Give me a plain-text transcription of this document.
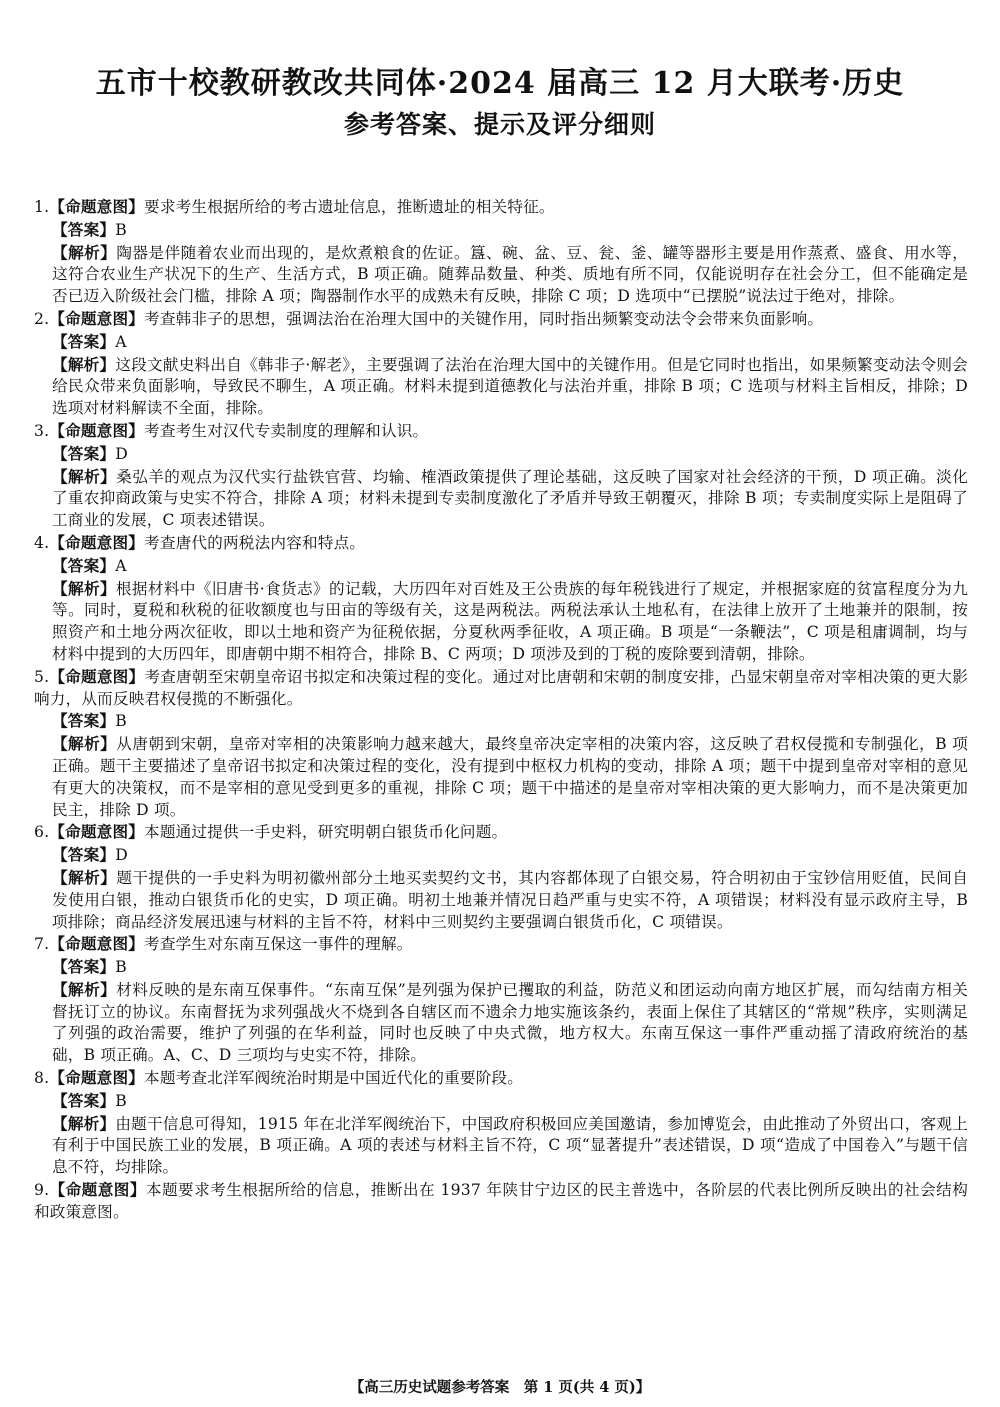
五市十校教研教改共同体·2024 届高三 12 月大联考·历史
参考答案、提示及评分细则

1.【命题意图】要求考生根据所给的考古遗址信息，推断遗址的相关特征。

【答案】B

【解析】陶器是伴随着农业而出现的，是炊煮粮食的佐证。簋、碗、盆、豆、瓮、釜、罐等器形主要是用作蒸煮、盛食、用水等，这符合农业生产状况下的生产、生活方式，B 项正确。随葬品数量、种类、质地有所不同，仅能说明存在社会分工，但不能确定是否已迈入阶级社会门槛，排除 A 项；陶器制作水平的成熟未有反映，排除 C 项；D 选项中“已摆脱”说法过于绝对，排除。

2.【命题意图】考查韩非子的思想，强调法治在治理大国中的关键作用，同时指出频繁变动法令会带来负面影响。

【答案】A

【解析】这段文献史料出自《韩非子·解老》，主要强调了法治在治理大国中的关键作用。但是它同时也指出，如果频繁变动法令则会给民众带来负面影响，导致民不聊生，A 项正确。材料未提到道德教化与法治并重，排除 B 项；C 选项与材料主旨相反，排除；D 选项对材料解读不全面，排除。

3.【命题意图】考查考生对汉代专卖制度的理解和认识。

【答案】D

【解析】桑弘羊的观点为汉代实行盐铁官营、均输、榷酒政策提供了理论基础，这反映了国家对社会经济的干预，D 项正确。淡化了重农抑商政策与史实不符合，排除 A 项；材料未提到专卖制度激化了矛盾并导致王朝覆灭，排除 B 项；专卖制度实际上是阻碍了工商业的发展，C 项表述错误。

4.【命题意图】考查唐代的两税法内容和特点。

【答案】A

【解析】根据材料中《旧唐书·食货志》的记载，大历四年对百姓及王公贵族的每年税钱进行了规定，并根据家庭的贫富程度分为九等。同时，夏税和秋税的征收额度也与田亩的等级有关，这是两税法。两税法承认土地私有，在法律上放开了土地兼并的限制，按照资产和土地分两次征收，即以土地和资产为征税依据，分夏秋两季征收，A 项正确。B 项是“一条鞭法”，C 项是租庸调制，均与材料中提到的大历四年，即唐朝中期不相符合，排除 B、C 两项；D 项涉及到的丁税的废除要到清朝，排除。

5.【命题意图】考查唐朝至宋朝皇帝诏书拟定和决策过程的变化。通过对比唐朝和宋朝的制度安排，凸显宋朝皇帝对宰相决策的更大影响力，从而反映君权侵揽的不断强化。

【答案】B

【解析】从唐朝到宋朝，皇帝对宰相的决策影响力越来越大，最终皇帝决定宰相的决策内容，这反映了君权侵揽和专制强化，B 项正确。题干主要描述了皇帝诏书拟定和决策过程的变化，没有提到中枢权力机构的变动，排除 A 项；题干中提到皇帝对宰相的意见有更大的决策权，而不是宰相的意见受到更多的重视，排除 C 项；题干中描述的是皇帝对宰相决策的更大影响力，而不是决策更加民主，排除 D 项。

6.【命题意图】本题通过提供一手史料，研究明朝白银货币化问题。

【答案】D

【解析】题干提供的一手史料为明初徽州部分土地买卖契约文书，其内容都体现了白银交易，符合明初由于宝钞信用贬值，民间自发使用白银，推动白银货币化的史实，D 项正确。明初土地兼并情况日趋严重与史实不符，A 项错误；材料没有显示政府主导，B 项排除；商品经济发展迅速与材料的主旨不符，材料中三则契约主要强调白银货币化，C 项错误。

7.【命题意图】考查学生对东南互保这一事件的理解。

【答案】B

【解析】材料反映的是东南互保事件。“东南互保”是列强为保护已攫取的利益，防范义和团运动向南方地区扩展，而勾结南方相关督抚订立的协议。东南督抚为求列强战火不烧到各自辖区而不遗余力地实施该条约，表面上保住了其辖区的“常规”秩序，实则满足了列强的政治需要，维护了列强的在华利益，同时也反映了中央式微，地方权大。东南互保这一事件严重动摇了清政府统治的基础，B 项正确。A、C、D 三项均与史实不符，排除。

8.【命题意图】本题考查北洋军阀统治时期是中国近代化的重要阶段。

【答案】B

【解析】由题干信息可得知，1915 年在北洋军阀统治下，中国政府积极回应美国邀请，参加博览会，由此推动了外贸出口，客观上有利于中国民族工业的发展，B 项正确。A 项的表述与材料主旨不符，C 项“显著提升”表述错误，D 项“造成了中国卷入”与题干信息不符，均排除。

9.【命题意图】本题要求考生根据所给的信息，推断出在 1937 年陕甘宁边区的民主普选中，各阶层的代表比例所反映出的社会结构和政策意图。

【高三历史试题参考答案　第 1 页(共 4 页)】
